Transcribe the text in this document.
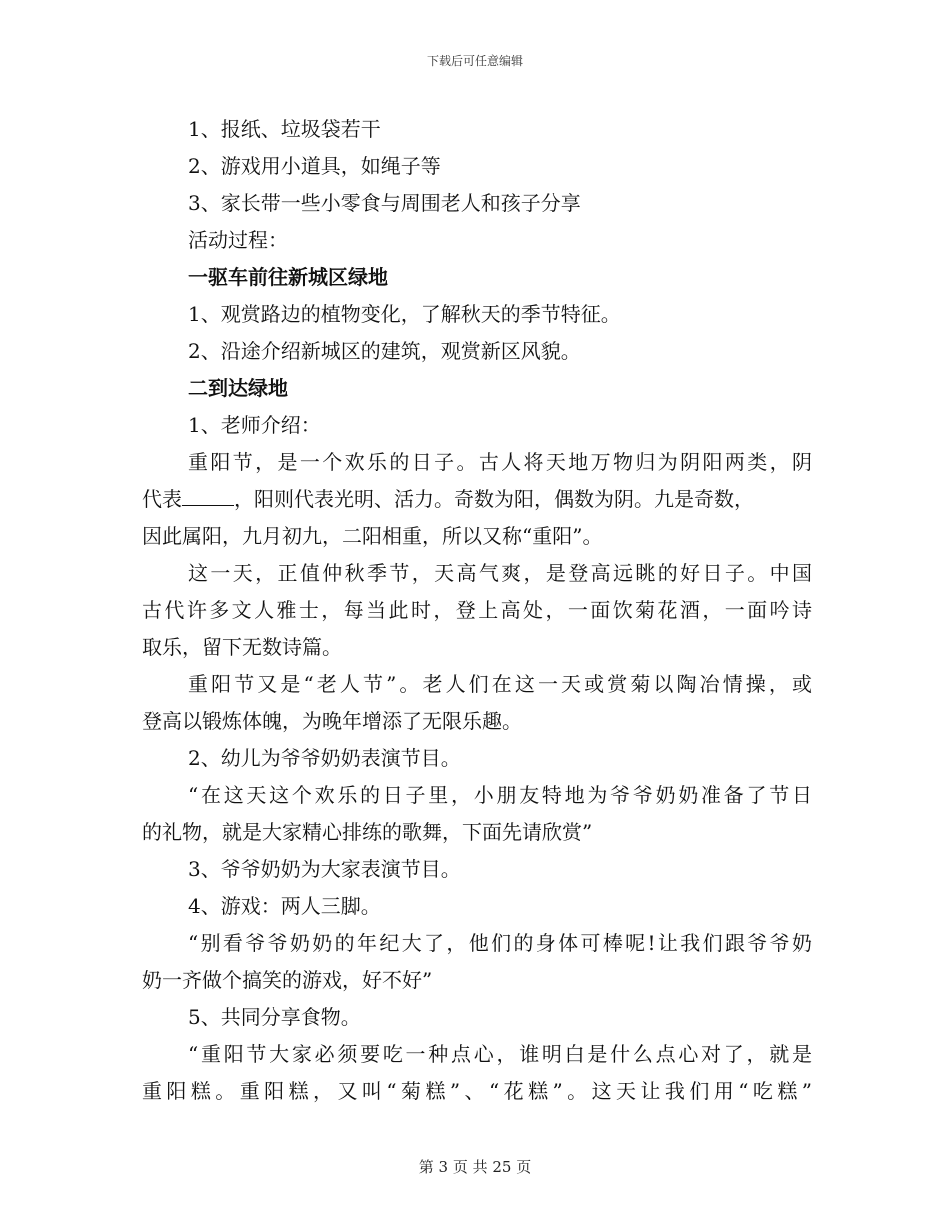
下载后可任意编辑
1、报纸、垃圾袋若干
2、游戏用小道具，如绳子等
3、家长带一些小零食与周围老人和孩子分享
活动过程：
一驱车前往新城区绿地
1、观赏路边的植物变化，了解秋天的季节特征。
2、沿途介绍新城区的建筑，观赏新区风貌。
二到达绿地
1、老师介绍：
重阳节，是一个欢乐的日子。古人将天地万物归为阴阳两类，阴
代表	，阳则代表光明、活力。奇数为阳，偶数为阴。九是奇数，
因此属阳，九月初九，二阳相重，所以又称“重阳”。
这一天，正值仲秋季节，天高气爽，是登高远眺的好日子。中国
古代许多文人雅士，每当此时，登上高处，一面饮菊花酒，一面吟诗
取乐，留下无数诗篇。
重阳节又是“老人节”。老人们在这一天或赏菊以陶冶情操，或
登高以锻炼体魄，为晚年增添了无限乐趣。
2、幼儿为爷爷奶奶表演节目。
“在这天这个欢乐的日子里，小朋友特地为爷爷奶奶准备了节日
的礼物，就是大家精心排练的歌舞，下面先请欣赏”
3、爷爷奶奶为大家表演节目。
4、游戏：两人三脚。
“别看爷爷奶奶的年纪大了，他们的身体可棒呢!让我们跟爷爷奶
奶一齐做个搞笑的游戏，好不好”
5、共同分享食物。
“重阳节大家必须要吃一种点心，谁明白是什么点心对了，就是
重阳糕。重阳糕，又叫“菊糕”、“花糕”。这天让我们用“吃糕”
第 3 页 共 25 页
